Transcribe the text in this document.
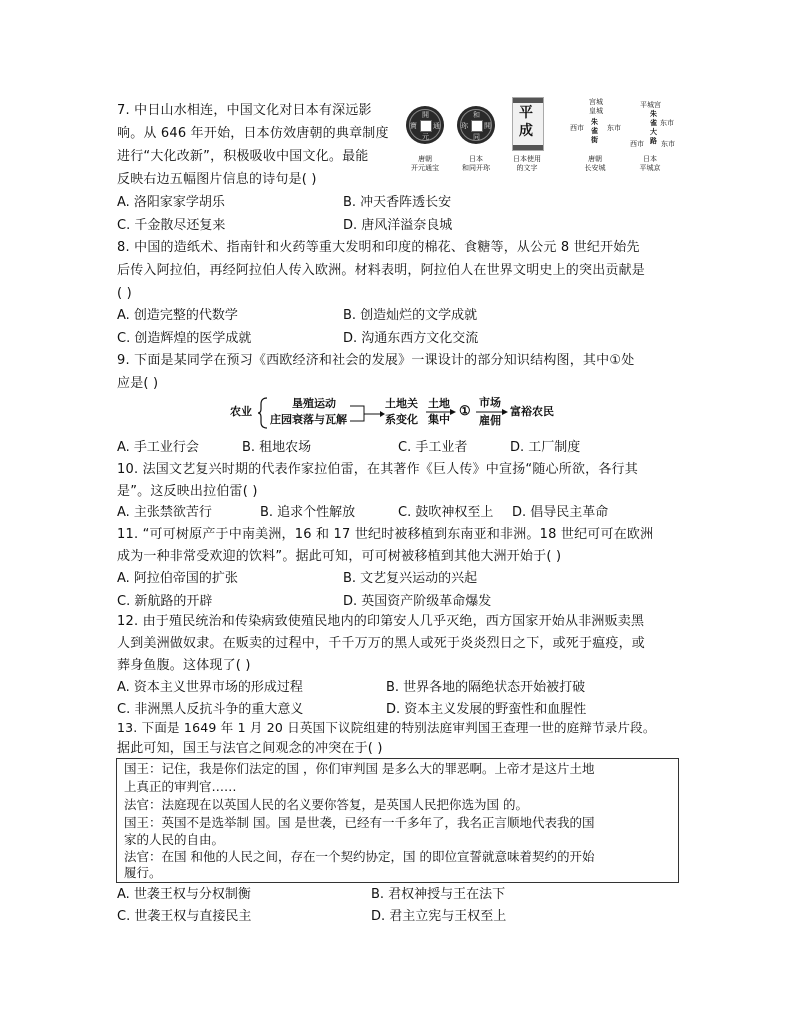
7. 中日山水相连，中国文化对日本有深远影
响。从 646 年开始，日本仿效唐朝的典章制度
进行“大化改新”，积极吸收中国文化。最能
反映右边五幅图片信息的诗句是( )
開
元
通
寶
唐朝
开元通宝
和
同
開
珎
日本
和同开珎
平
成
日本使用
的文字
宫城
皇城
西市
朱
雀
街
东市
唐朝
长安城
平城宫
朱
雀
大
路
东市
西市 东市
日本
平城京
A. 洛阳家家学胡乐	B. 冲天香阵透长安
C. 千金散尽还复来	D. 唐风洋溢奈良城
8. 中国的造纸术、指南针和火药等重大发明和印度的棉花、食糖等，从公元 8 世纪开始先
后传入阿拉伯，再经阿拉伯人传入欧洲。材料表明，阿拉伯人在世界文明史上的突出贡献是
( )
A. 创造完整的代数学	B. 创造灿烂的文学成就
C. 创造辉煌的医学成就	D. 沟通东西方文化交流
9. 下面是某同学在预习《西欧经济和社会的发展》一课设计的部分知识结构图，其中①处
应是( )
农业
垦殖运动
庄园衰落与瓦解
土地关
系变化
土地
集中
①
市场
雇佣
富裕农民
A. 手工业行会	B. 租地农场	C. 手工业者	D. 工厂制度
10. 法国文艺复兴时期的代表作家拉伯雷，在其著作《巨人传》中宣扬“随心所欲，各行其
是”。这反映出拉伯雷( )
A. 主张禁欲苦行	B. 追求个性解放	C. 鼓吹神权至上 D. 倡导民主革命
11. “可可树原产于中南美洲，16 和 17 世纪时被移植到东南亚和非洲。18 世纪可可在欧洲
成为一种非常受欢迎的饮料”。据此可知，可可树被移植到其他大洲开始于( )
A. 阿拉伯帝国的扩张	B. 文艺复兴运动的兴起
C. 新航路的开辟	D. 英国资产阶级革命爆发
12. 由于殖民统治和传染病致使殖民地内的印第安人几乎灭绝，西方国家开始从非洲贩卖黑
人到美洲做奴隶。在贩卖的过程中，千千万万的黑人或死于炎炎烈日之下，或死于瘟疫，或
葬身鱼腹。这体现了( )
A. 资本主义世界市场的形成过程	B. 世界各地的隔绝状态开始被打破
C. 非洲黑人反抗斗争的重大意义	D. 资本主义发展的野蛮性和血腥性
13. 下面是 1649 年 1 月 20 日英国下议院组建的特别法庭审判国王查理一世的庭辩节录片段。
据此可知，国王与法官之间观念的冲突在于( )
国王：记住，我是你们法定的国 ，你们审判国 是多么大的罪恶啊。上帝才是这片土地
上真正的审判官……
法官：法庭现在以英国人民的名义要你答复，是英国人民把你选为国 的。
国王：英国不是选举制 国。国 是世袭，已经有一千多年了，我名正言顺地代表我的国
家的人民的自由。
法官：在国 和他的人民之间，存在一个契约协定，国 的即位宣誓就意味着契约的开始
履行。
A. 世袭王权与分权制衡	B. 君权神授与王在法下
C. 世袭王权与直接民主	D. 君主立宪与王权至上
